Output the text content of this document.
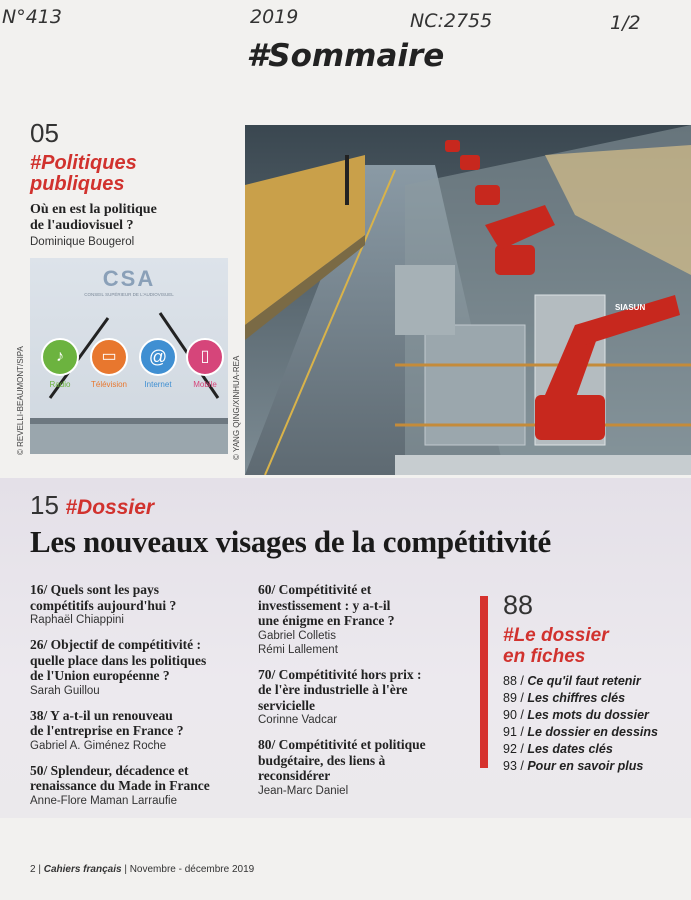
N°413	2019	NC:2755	1/2
#Sommaire
05
#Politiques
publiques
Où en est la politique
de l'audiovisuel ?
Dominique Bougerol
CSA
CONSEIL SUPÉRIEUR DE L'AUDIOVISUEL
♪
Radio
▭
Télévision
@
Internet
▯
Mobile
© REVELLI-BEAUMONT/SIPA	© YANG QING/XINHUA-REA
SIASUN
15 #Dossier
Les nouveaux visages de la compétitivité
16/ Quels sont les pays
compétitifs aujourd'hui ?
Raphaël Chiappini
26/ Objectif de compétitivité :
quelle place dans les politiques
de l'Union européenne ?
Sarah Guillou
38/ Y a-t-il un renouveau
de l'entreprise en France ?
Gabriel A. Giménez Roche
50/ Splendeur, décadence et
renaissance du Made in France
Anne-Flore Maman Larraufie
60/ Compétitivité et
investissement : y a-t-il
une énigme en France ?
Gabriel Colletis
Rémi Lallement
70/ Compétitivité hors prix :
de l'ère industrielle à l'ère
servicielle
Corinne Vadcar
80/ Compétitivité et politique
budgétaire, des liens à
reconsidérer
Jean-Marc Daniel
88
#Le dossier
en fiches
88 / Ce qu'il faut retenir
89 / Les chiffres clés
90 / Les mots du dossier
91 / Le dossier en dessins
92 / Les dates clés
93 / Pour en savoir plus
2 | Cahiers français | Novembre - décembre 2019
